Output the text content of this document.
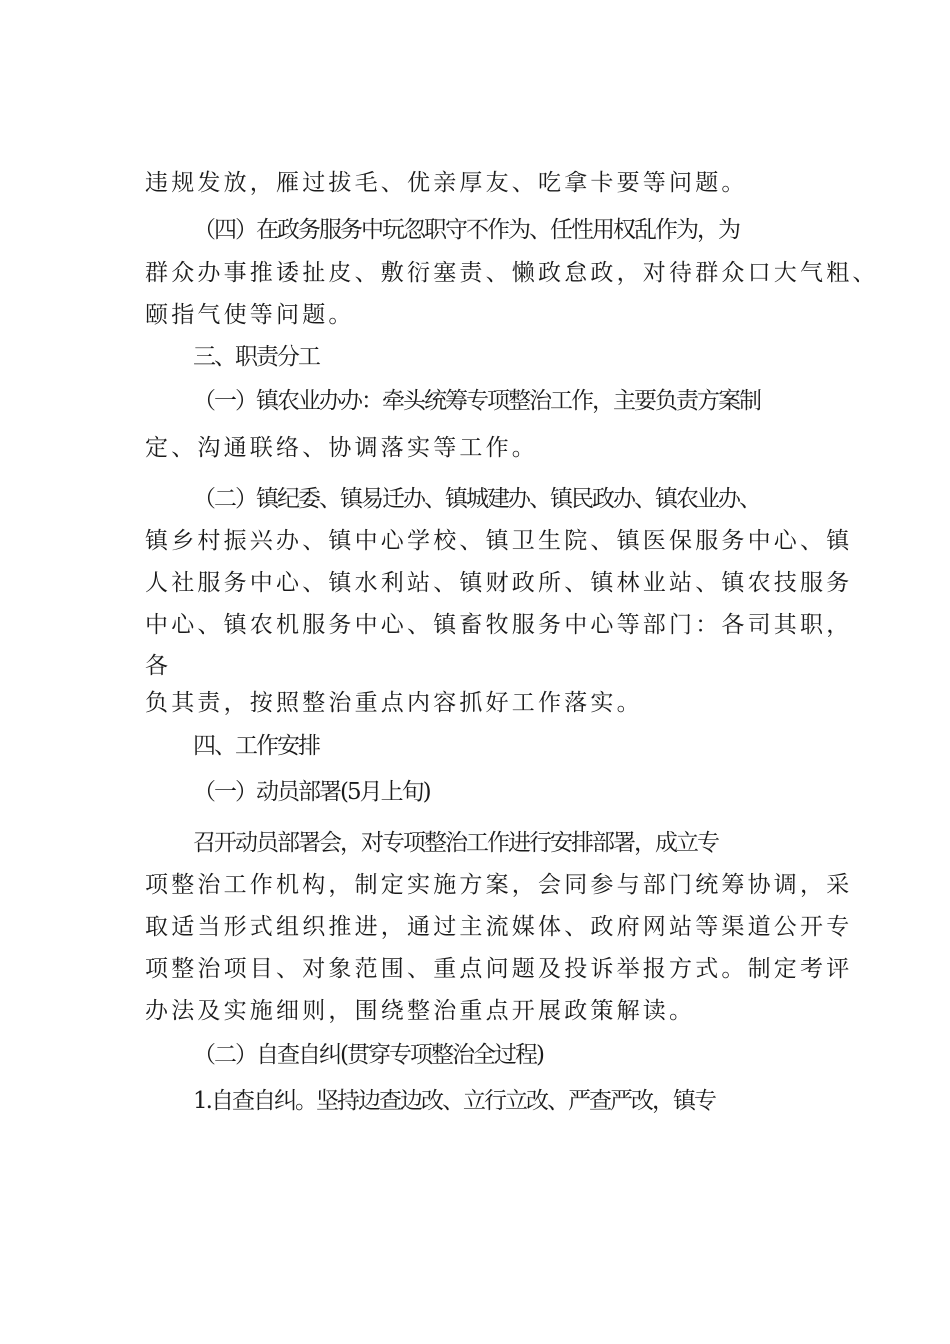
违规发放，雁过拔毛、优亲厚友、吃拿卡要等问题。
（四）在政务服务中玩忽职守不作为、任性用权乱作为，为
群众办事推诿扯皮、敷衍塞责、懒政怠政，对待群众口大气粗、
颐指气使等问题。
三、职责分工
（一）镇农业办办：牵头统筹专项整治工作，主要负责方案制
定、沟通联络、协调落实等工作。
（二）镇纪委、镇易迁办、镇城建办、镇民政办、镇农业办、
镇乡村振兴办、镇中心学校、镇卫生院、镇医保服务中心、镇
人社服务中心、镇水利站、镇财政所、镇林业站、镇农技服务
中心、镇农机服务中心、镇畜牧服务中心等部门：各司其职，
各
负其责，按照整治重点内容抓好工作落实。
四、工作安排
（一）动员部署(5月上旬)
召开动员部署会，对专项整治工作进行安排部署，成立专
项整治工作机构，制定实施方案，会同参与部门统筹协调，采
取适当形式组织推进，通过主流媒体、政府网站等渠道公开专
项整治项目、对象范围、重点问题及投诉举报方式。制定考评
办法及实施细则，围绕整治重点开展政策解读。
（二）自查自纠(贯穿专项整治全过程)
1.自查自纠。坚持边查边改、立行立改、严查严改，镇专
